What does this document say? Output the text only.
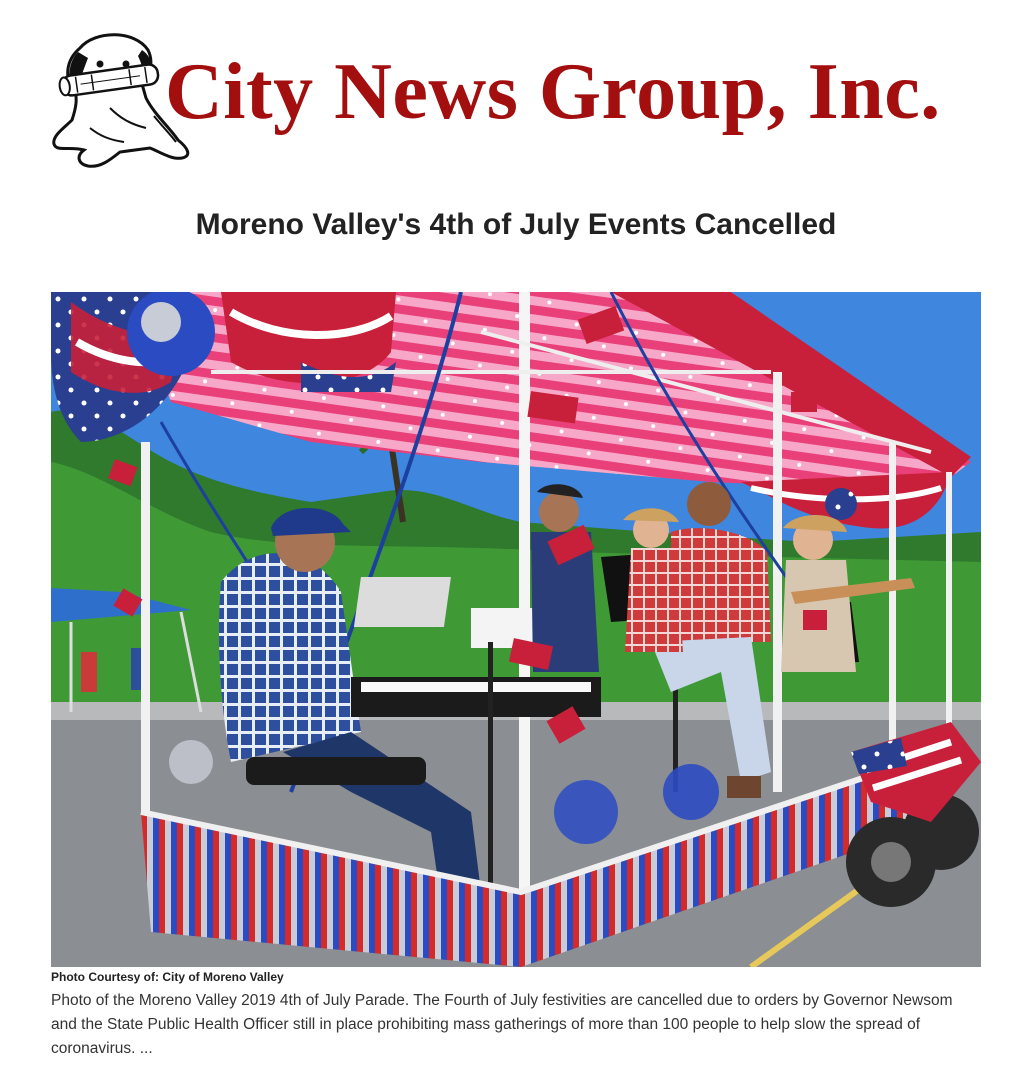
City News Group, Inc.
Moreno Valley's 4th of July Events Cancelled
Photo Courtesy of: City of Moreno Valley

Photo of the Moreno Valley 2019 4th of July Parade. The Fourth of July festivities are cancelled due to orders by Governor Newsom and the State Public Health Officer still in place prohibiting mass gatherings of more than 100 people to help slow the spread of coronavirus. ...
